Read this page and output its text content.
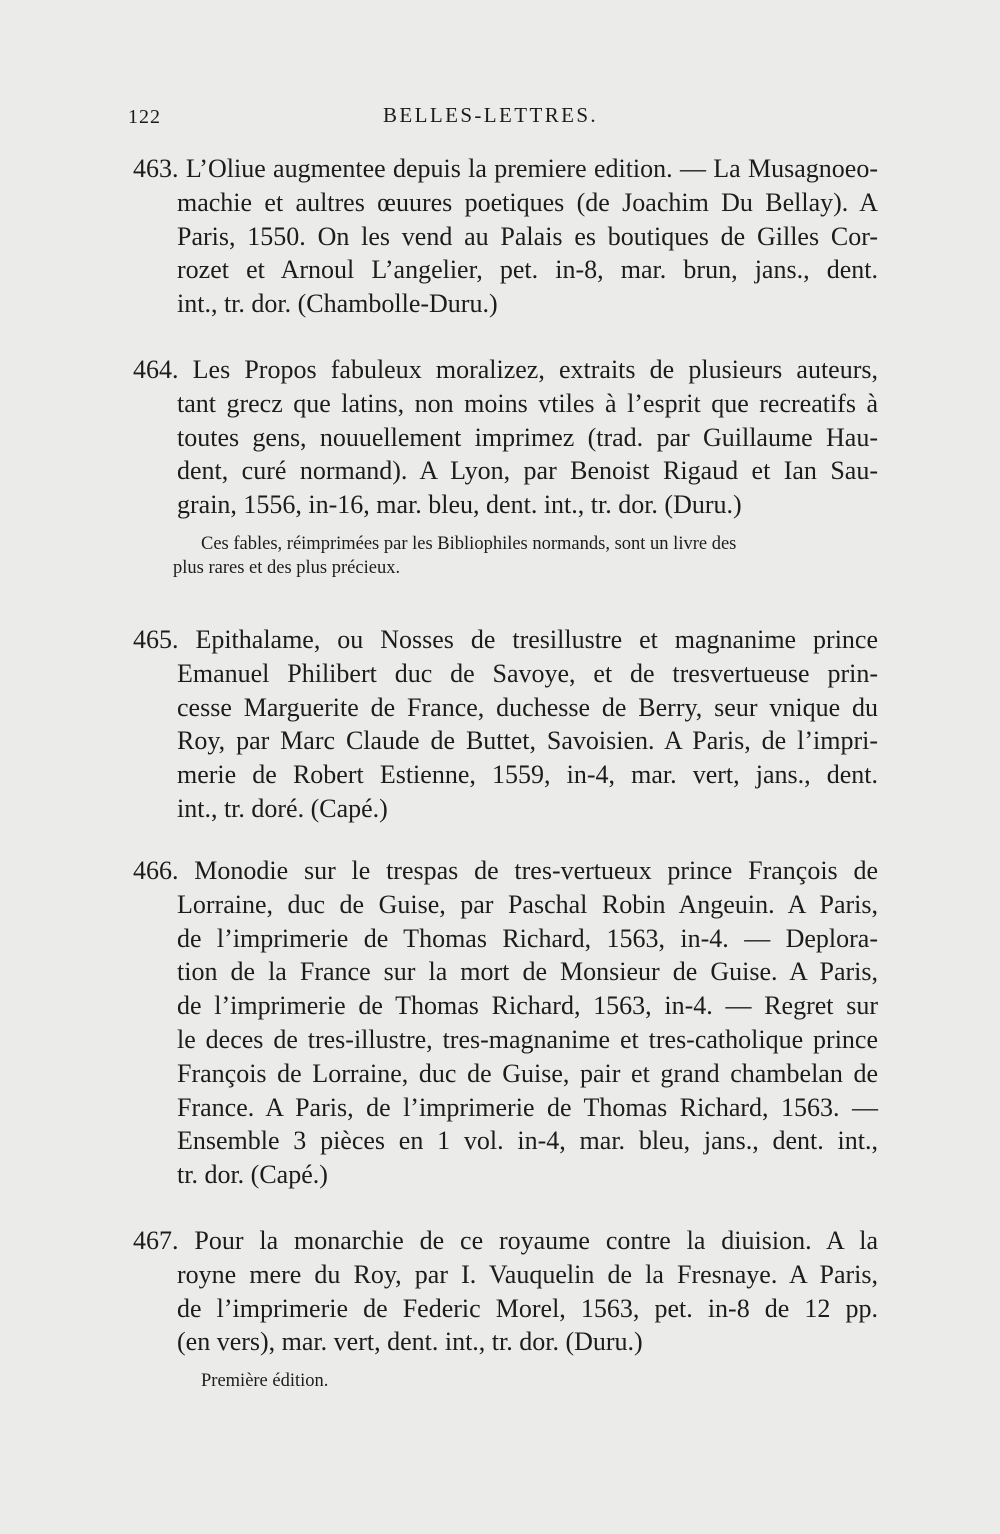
122	BELLES-LETTRES.
463. L’Oliue augmentee depuis la premiere edition. — La Musagnoeo-
machie et aultres œuures poetiques (de Joachim Du Bellay). A
Paris, 1550. On les vend au Palais es boutiques de Gilles Cor-
rozet et Arnoul L’angelier, pet. in-8, mar. brun, jans., dent.
int., tr. dor. (Chambolle-Duru.)
464. Les Propos fabuleux moralizez, extraits de plusieurs auteurs,
tant grecz que latins, non moins vtiles à l’esprit que recreatifs à
toutes gens, nouuellement imprimez (trad. par Guillaume Hau-
dent, curé normand). A Lyon, par Benoist Rigaud et Ian Sau-
grain, 1556, in-16, mar. bleu, dent. int., tr. dor. (Duru.)
Ces fables, réimprimées par les Bibliophiles normands, sont un livre des
plus rares et des plus précieux.
465. Epithalame, ou Nosses de tresillustre et magnanime prince
Emanuel Philibert duc de Savoye, et de tresvertueuse prin-
cesse Marguerite de France, duchesse de Berry, seur vnique du
Roy, par Marc Claude de Buttet, Savoisien. A Paris, de l’impri-
merie de Robert Estienne, 1559, in-4, mar. vert, jans., dent.
int., tr. doré. (Capé.)
466. Monodie sur le trespas de tres-vertueux prince François de
Lorraine, duc de Guise, par Paschal Robin Angeuin. A Paris,
de l’imprimerie de Thomas Richard, 1563, in-4. — Deplora-
tion de la France sur la mort de Monsieur de Guise. A Paris,
de l’imprimerie de Thomas Richard, 1563, in-4. — Regret sur
le deces de tres-illustre, tres-magnanime et tres-catholique prince
François de Lorraine, duc de Guise, pair et grand chambelan de
France. A Paris, de l’imprimerie de Thomas Richard, 1563. —
Ensemble 3 pièces en 1 vol. in-4, mar. bleu, jans., dent. int.,
tr. dor. (Capé.)
467. Pour la monarchie de ce royaume contre la diuision. A la
royne mere du Roy, par I. Vauquelin de la Fresnaye. A Paris,
de l’imprimerie de Federic Morel, 1563, pet. in-8 de 12 pp.
(en vers), mar. vert, dent. int., tr. dor. (Duru.)
Première édition.
